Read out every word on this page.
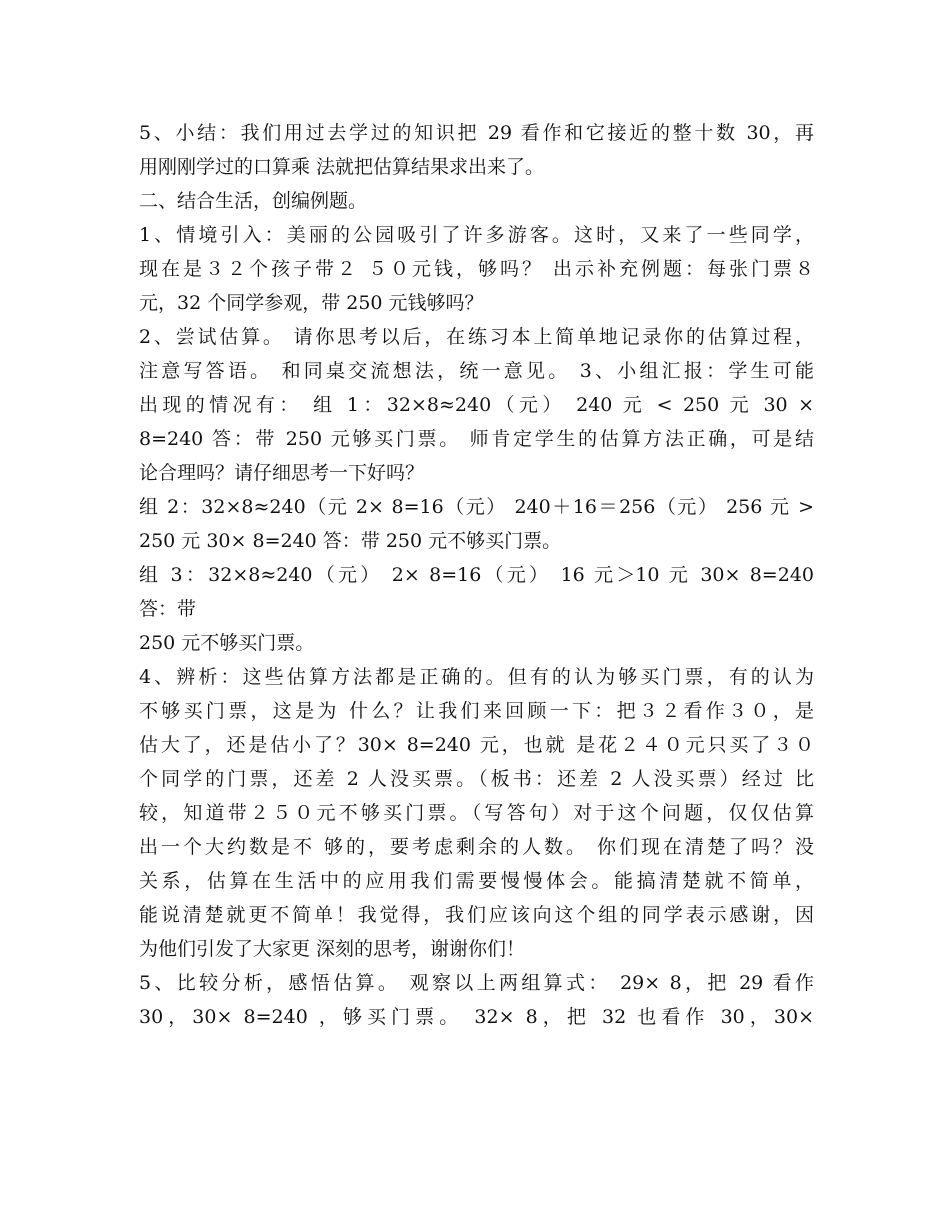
5、小结：我们用过去学过的知识把 29 看作和它接近的整十数 30，再
用刚刚学过的口算乘 法就把估算结果求出来了。
二、结合生活，创编例题。
1、情境引入：美丽的公园吸引了许多游客。这时，又来了一些同学，
现在是３２个孩子带２ ５０元钱，够吗？ 出示补充例题：每张门票８
元，32 个同学参观，带 250 元钱够吗？
2、尝试估算。 请你思考以后，在练习本上简单地记录你的估算过程，
注意写答语。 和同桌交流想法，统一意见。 3、小组汇报：学生可能
出现的情况有： 组 1：32×8≈240（元） 240 元 < 250 元 30 ×
8=240 答：带 250 元够买门票。 师肯定学生的估算方法正确，可是结
论合理吗？请仔细思考一下好吗？
组 2：32×8≈240（元 2× 8=16（元） 240＋16＝256（元） 256 元 >
250 元 30× 8=240 答：带 250 元不够买门票。
组 3：32×8≈240（元） 2× 8=16（元） 16 元＞10 元 30× 8=240
答：带
250 元不够买门票。
4、辨析：这些估算方法都是正确的。但有的认为够买门票，有的认为
不够买门票，这是为 什么？让我们来回顾一下：把３２看作３０，是
估大了，还是估小了？30× 8=240 元，也就 是花２４０元只买了３０
个同学的门票，还差 2 人没买票。（板书：还差 2 人没买票）经过 比
较，知道带２５０元不够买门票。（写答句）对于这个问题，仅仅估算
出一个大约数是不 够的，要考虑剩余的人数。 你们现在清楚了吗？没
关系，估算在生活中的应用我们需要慢慢体会。能搞清楚就不简单，
能说清楚就更不简单！我觉得，我们应该向这个组的同学表示感谢，因
为他们引发了大家更 深刻的思考，谢谢你们！
5、比较分析，感悟估算。 观察以上两组算式： 29× 8，把 29 看作
30，30× 8=240 ，够买门票。 32× 8，把 32 也看作 30，30×
